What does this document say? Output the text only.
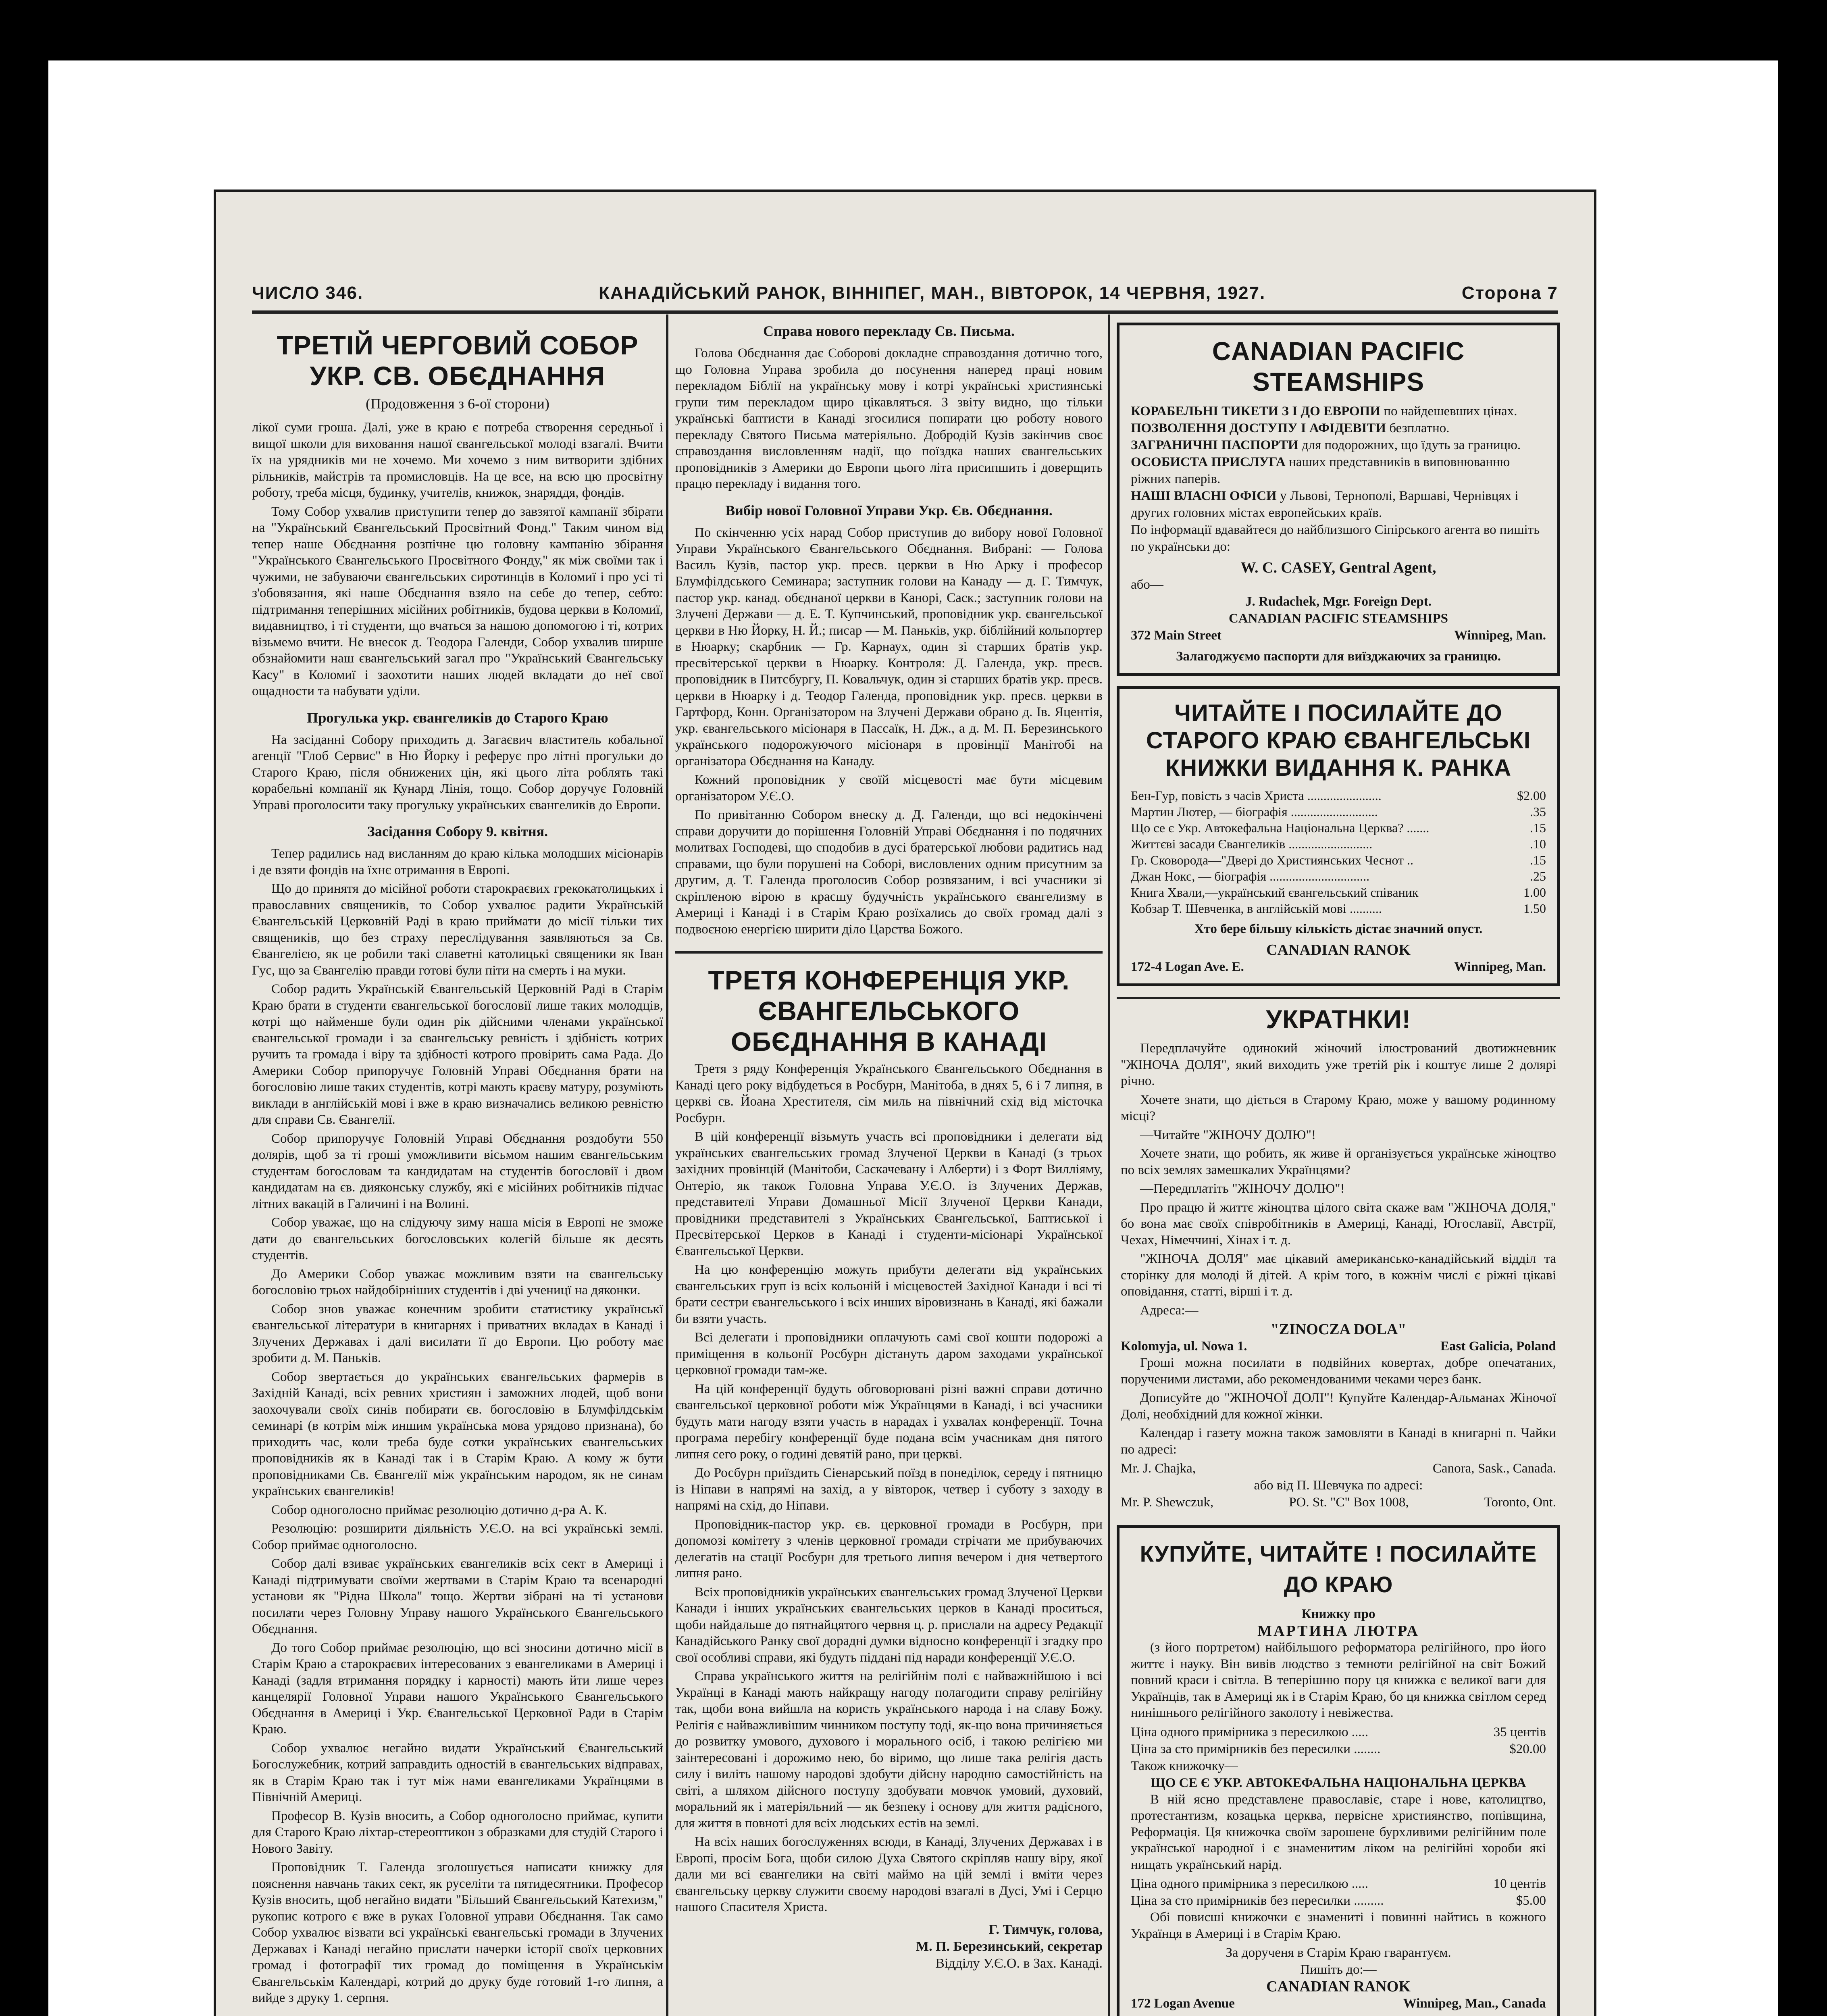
ЧИСЛО 346.	КАНАДІЙСЬКИЙ РАНОК, ВІННІПЕГ, МАН., ВІВТОРОК, 14 ЧЕРВНЯ, 1927.	Сторона 7
ТРЕТІЙ ЧЕРГОВИЙ СОБОР УКР. СВ. ОБЄДНАННЯ
(Продовження з 6-ої сторони)

лікої суми гроша. Далі, уже в краю є потреба створення середньої і вищої школи для виховання нашої євангельської молоді взагалі. Вчити їх на урядників ми не хочемо. Ми хочемо з ним витворити здібних рільників, майстрів та промисловців. На це все, на всю цю просвітну роботу, треба місця, будинку, учителів, книжок, знаряддя, фондів.

Тому Собор ухвалив приступити тепер до завзятої кампанії збірати на "Український Євангельський Просвітний Фонд." Таким чином від тепер наше Обєднання розпічне цю головну кампанію збірання "Українського Євангельського Просвітного Фонду," як між своїми так і чужими, не забуваючи євангельських сиротинців в Коломиї і про усі ті з'обовязання, які наше Обєднання взяло на себе до тепер, себто: підтримання теперішних місійних робітників, будова церкви в Коломиї, видавництво, і ті студенти, що вчаться за нашою допомогою і ті, котрих візьмемо вчити. Не внесок д. Теодора Галенди, Собор ухвалив ширше обзнайомити наш євангельський загал про "Український Євангельську Касу" в Коломиї і заохотити наших людей вкладати до неї свої ощадности та набувати уділи.

Прогулька укр. євангеликів до Старого Краю

На засіданні Собору приходить д. Загаєвич властитель кобальної агенції "Глоб Сервис" в Ню Йорку і реферує про літні прогульки до Старого Краю, після обнижених цін, які цього літа роблять такі корабельні компанії як Кунард Лінія, тощо. Собор доручує Головній Управі проголосити таку прогульку українських євангеликів до Европи.

Засідання Собору 9. квітня.

Тепер радились над висланням до краю кілька молодших місіонарів і де взяти фондів на їхнє отримання в Европі.

Що до принятя до місійної роботи старокраєвих грекокатолицьких і православних священиків, то Собор ухвалює радити Українській Євангельській Церковній Раді в краю приймати до місії тільки тих священиків, що без страху переслідування заявляються за Св. Євангелією, як це робили такі славетні католицькі священики як Іван Гус, що за Євангелію правди готові були піти на смерть і на муки.

Собор радить Українській Євангельській Церковній Раді в Старім Краю брати в студенти євангельської богословії лише таких молодців, котрі що найменше були один рік дійсними членами української євангельської громади і за євангельську ревність і здібність котрих ручить та громада і віру та здібності котрого провірить сама Рада. До Америки Собор припоручує Головній Управі Обєднання брати на богословію лише таких студентів, котрі мають краєву матуру, розуміють виклади в англійській мові і вже в краю визначались великою ревністю для справи Св. Євангелії.

Собор припоручує Головній Управі Обєднання роздобути 550 долярів, щоб за ті гроші уможливити вісьмом нашим євангельським студентам богословам та кандидатам на студентів богословії і двом кандидатам на єв. дияконську службу, які є місійних робітників підчас літних вакацій в Галичині і на Волині.

Собор уважає, що на слідуючу зиму наша місія в Европі не зможе дати до євангельських богословських колегій більше як десять студентів.

До Америки Собор уважає можливим взяти на євангельську богословію трьох найдобірніших студентів і дві ученицї на дяконки.

Собор знов уважає конечним зробити статистику українськї євангельської літератури в книгарнях і приватних вкладах в Канаді і Злучених Державах і далі висилати її до Европи. Цю роботу має зробити д. М. Паньків.

Собор звертається до українських євангельських фармерів в Західній Канаді, всіх ревних християн і заможних людей, щоб вони заохочували своїх синів побирати єв. богословію в Блумфілдськім семинарі (в котрім між иншим українська мова урядово признана), бо приходить час, коли треба буде сотки українських євангельських проповідників як в Канаді так і в Старім Краю. А кому ж бути проповідниками Св. Євангелії між українським народом, як не синам українських євангеликів!

Собор одноголосно приймає резолюцію дотично д-ра А. К.

Резолюцію: розширити діяльність У.Є.О. на всі українські землі. Собор приймає одноголосно.

Собор далі взиває українських євангеликів всіх сект в Америці і Канаді підтримувати своїми жертвами в Старім Краю та всенародні установи як "Рідна Школа" тощо. Жертви зібрані на ті установи посилати через Головну Управу нашого Українського Євангельського Обєднання.

До того Собор приймає резолюцію, що всі зносини дотично місії в Старім Краю а старокраєвих інтересованих з евангеликами в Америці і Канаді (задля втримання порядку і карності) мають йти лише через канцелярії Головної Управи нашого Українського Євангельського Обєднання в Америці і Укр. Євангельської Церковної Ради в Старім Краю.

Собор ухвалює негайно видати Український Євангельський Богослужебник, котрий заправдить одностій в євангельських відправах, як в Старім Краю так і тут між нами евангеликами Українцями в Північній Америці.

Професор В. Кузів вносить, а Собор одноголосно приймає, купити для Старого Краю ліхтар-стереоптикон з образками для студій Старого і Нового Завіту.

Проповідник Т. Галенда зголошується написати книжку для пояснення навчань таких сект, як руселіти та пятидесятники. Професор Кузів вносить, щоб негайно видати "Більший Євангельський Катехизм," рукопис котрого є вже в руках Головної управи Обєднання. Так само Собор ухвалює візвати всі українські євангельські громади в Злучених Державах і Канаді негайно прислати начерки історії своїх церковних громад і фотографії тих громад до поміщення в Українськім Євангельськім Календарі, котрий до друку буде готовий 1-го липня, а вийде з друку 1. серпня.

Справа нового перекладу Св. Письма.

Голова Обєднання дає Соборові докладне справоздання дотично того, що Головна Управа зробила до посунення наперед праці новим перекладом Біблії на українську мову і котрі українські християнські групи тим перекладом щиро цікавляться. З звіту видно, що тільки українські баптисти в Канаді згосилися попирати цю роботу нового перекладу Святого Письма матеріяльно. Добродій Кузів закінчив своє справоздання висловленням надії, що поїздка наших євангельських проповідників з Америки до Европи цього літа присипшить і доверщить працю перекладу і видання того.

Вибір нової Головної Управи Укр. Єв. Обєднання.

По скінченню усіх нарад Собор приступив до вибору нової Головної Управи Українського Євангельського Обєднання. Вибрані: — Голова Василь Кузів, пастор укр. пресв. церкви в Ню Арку і професор Блумфілдського Семинара; заступник голови на Канаду — д. Г. Тимчук, пастор укр. канад. обєднаної церкви в Канорі, Саск.; заступник голови на Злучені Держави — д. Е. Т. Купчинський, проповідник укр. євангельської церкви в Ню Йорку, Н. Й.; писар — М. Паньків, укр. біблійний кольпортер в Нюарку; скарбник — Гр. Карнаух, один зі старших братів укр. пресвітерської церкви в Нюарку. Контроля: Д. Галенда, укр. пресв. проповідник в Питсбургу, П. Ковальчук, один зі старших братів укр. пресв. церкви в Нюарку і д. Теодор Галенда, проповідник укр. пресв. церкви в Гартфорд, Конн. Організатором на Злучені Держави обрано д. Ів. Яцентія, укр. євангельського місіонаря в Пассаїк, Н. Дж., а д. М. П. Березинського українського подорожуючого місіонаря в провінції Манітобі на організатора Обєднання на Канаду.

Кожний проповідник у своїй місцевості має бути місцевим організатором У.Є.О.

По привітанню Собором внеску д. Д. Галенди, що всі недокінчені справи доручити до порішення Головній Управі Обєднання і по подячних молитвах Господеві, що сподобив в дусі братерської любови радитись над справами, що були порушені на Соборі, висловлених одним присутним за другим, д. Т. Галенда проголосив Собор розвязаним, і всі учасники зі скріпленою вірою в красшу будучність українського євангелизму в Америці і Канаді і в Старім Краю розїхались до своїх громад далі з подвоєною енергією ширити діло Царства Божого.

ТРЕТЯ КОНФЕРЕНЦІЯ УКР. ЄВАНГЕЛЬСЬКОГО ОБЄДНАННЯ В КАНАДІ

Третя з ряду Конференція Українського Євангельського Обєднання в Канаді цего року відбудеться в Росбурн, Манітоба, в днях 5, 6 і 7 липня, в церкві св. Йоана Хрестителя, сім миль на північний схід від місточка Росбурн.

В цій конференції візьмуть участь всі проповідники і делегати від українських євангельських громад Злученої Церкви в Канаді (з трьох західних провінцій (Манітоби, Саскачевану і Алберти) і з Форт Вилліяму, Онтеріо, як також Головна Управа У.Є.О. із Злучених Держав, представителі Управи Домашньої Місії Злученої Церкви Канади, провідники представителі з Українських Євангельської, Баптиської і Пресвітерської Церков в Канаді і студенти-місіонарі Української Євангельської Церкви.

На цю конференцію можуть прибути делегати від українських євангельських груп із всіх кольоній і місцевостей Західної Канади і всі ті брати сестри євангельського і всіх инших віровизнань в Канаді, які бажали би взяти участь.

Всі делегати і проповідники оплачують самі свої кошти подорожі а приміщення в кольонії Росбурн дістануть даром заходами української церковної громади там-же.

На цій конференції будуть обговорювані різні важні справи дотично євангельської церковної роботи між Українцями в Канаді, і всі учасники будуть мати нагоду взяти участь в нарадах і ухвалах конференції. Точна програма перебігу конференції буде подана всім учасникам дня пятого липня сего року, о годині девятій рано, при церкві.

До Росбурн приїздить Сіенарський поїзд в понеділок, середу і пятницю із Ніпави в напрямі на захід, а у вівторок, четвер і суботу з заходу в напрямі на схід, до Ніпави.

Проповідник-пастор укр. єв. церковної громади в Росбурн, при допомозі комітету з членів церковної громади стрічати ме прибуваючих делегатів на стації Росбурн для третього липня вечером і дня четвертого липня рано.

Всіх проповідників українських євангельських громад Злученої Церкви Канади і інших українських євангельських церков в Канаді проситься, щоби найдальше до пятнайцятого червня ц. р. прислали на адресу Редакції Канадійського Ранку свої дорадні думки відносно конференції і згадку про свої особливі справи, які будуть піддані під наради конференції У.Є.О.

Справа українського життя на релігійнім полі є найважнійшою і всі Українці в Канаді мають найкращу нагоду полагодити справу релігійну так, щоби вона вийшла на користь українського народа і на славу Божу. Релігія є найважливішим чинником поступу тоді, як-що вона причиняється до розвитку умового, духового і морального осіб, і такою релігією ми заінтересовані і дорожимо нею, бо віримо, що лише така релігія дасть силу і виліть нашому народові здобути дійсну народню самостійність на світі, а шляхом дійсного поступу здобувати мовчок умовий, духовий, моральний як і матеріяльний — як безпеку і основу для життя радісного, для життя в повноті для всіх людських естів на землі.

На всіх наших богослуженнях всюди, в Канаді, Злучених Державах і в Европі, просім Бога, щоби силою Духа Святого скріпляв нашу віру, якої дали ми всі євангелики на світі маймо на цій землі і вміти через євангельську церкву служити своєму народові взагалі в Дусі, Умі і Серцю нашого Спасителя Христа.

Г. Тимчук, голова,
М. П. Березинський, секретар
Відділу У.Є.О. в Зах. Канаді.
CANADIAN PACIFIC STEAMSHIPS
КОРАБЕЛЬНІ ТИКЕТИ З І ДО ЕВРОПИ по найдешевших цінах.
ПОЗВОЛЕННЯ ДОСТУПУ І АФІДЕВІТИ безплатно.
ЗАГРАНИЧНІ ПАСПОРТИ для подорожних, що їдуть за границю.
ОСОБИСТА ПРИСЛУГА наших представників в виповнюванню ріжних паперів.
НАШІ ВЛАСНІ ОФІСИ у Львові, Тернополі, Варшаві, Чернівцях і других головних містах европейських країв.
По інформації вдавайтеся до найблизшого Сіпірського агента во пишіть по українськи до:
W. C. CASEY, Gentral Agent,
або—
J. Rudachek, Mgr. Foreign Dept.
CANADIAN PACIFIC STEAMSHIPS
372 Main Street	Winnipeg, Man.
Залагоджуємо паспорти для виїзджаючих за границю.
ЧИТАЙТЕ І ПОСИЛАЙТЕ ДО СТАРОГО КРАЮ ЄВАНГЕЛЬСЬКІ КНИЖКИ ВИДАННЯ К. РАНКА
Бен-Гур, повість з часів Христа .......................	$2.00
Мартин Лютер, — біографія ...........................	.35
Що се є Укр. Автокефальна Національна Церква? .......	.15
Життєві засади Євангеликів ..........................	.10
Гр. Сковорода—"Двері до Християнських Чеснот ..	.15
Джан Нокс, — біографія ...............................	.25
Книга Хвали,—український євангельський співаник	1.00
Кобзар Т. Шевченка, в англійській мові ..........	1.50
Хто бере більшу кількість дістає значний опуст.
CANADIAN RANOK
172-4 Logan Ave. E.	Winnipeg, Man.
УКРАТНКИ!

Передплачуйте одинокий жіночий ілюстрований двотижневник "ЖІНОЧА ДОЛЯ", який виходить уже третій рік і коштує лише 2 долярі річно.

Хочете знати, що діється в Старому Краю, може у вашому родинному місці?

—Читайте "ЖІНОЧУ ДОЛЮ"!

Хочете знати, що робить, як живе й організується українське жіноцтво по всіх землях замешкалих Українцями?

—Передплатіть "ЖІНОЧУ ДОЛЮ"!

Про працю й життє жіноцтва цілого світа скаже вам "ЖІНОЧА ДОЛЯ," бо вона має своїх співробітників в Америці, Канаді, Югославії, Австрії, Чехах, Німеччині, Хінах і т. д.

"ЖІНОЧА ДОЛЯ" має цікавий американсько-канадійський відділ та сторінку для молоді й дітей. А крім того, в кожнім числі є ріжні цікаві оповідання, статті, вірші і т. д.

Адреса:—

"ZINOCZA DOLA"
Kolomyja, ul. Nowa 1.	East Galicia, Poland

Гроші можна посилати в подвійних ковертах, добре опечатаних, порученими листами, або рекомендованими чеками через банк.

Дописуйте до "ЖІНОЧОЇ ДОЛІ"! Купуйте Календар-Альманах Жіночої Долі, необхідний для кожної жінки.

Календар і газету можна також замовляти в Канаді в книгарні п. Чайки по адресі:

Mr. J. Chajka,	Canora, Sask., Canada.
або від П. Шевчука по адресі:
Mr. P. Shewczuk,	PO. St. "C" Box 1008,	Toronto, Ont.
КУПУЙТЕ, ЧИТАЙТЕ ! ПОСИЛАЙТЕ ДО КРАЮ
Книжку про
МАРТИНА ЛЮТРА

(з його портретом) найбільшого реформатора релігійного, про його життє і науку. Він вивів людство з темноти релігійної на світ Божий повний краси і світла. В теперішню пору ця книжка є великої ваги для Українців, так в Америці як і в Старім Краю, бо ця книжка світлом серед нинішнього релігійного заколоту і невіжества.

Ціна одного примірника з пересилкою .....	35 центів
Ціна за сто примірників без пересилки ........	$20.00
Також книжочку—
ЩО СЕ Є УКР. АВТОКЕФАЛЬНА НАЦІОНАЛЬНА ЦЕРКВА

В ній ясно представлене православіє, старе і нове, католицтво, протестантизм, козацька церква, первісне християнство, попівщина, Реформація. Ця книжочка своїм зарошене бурхливими релігійним поле української народної і є знаменитим ліком на релігійні хороби які нищать український нарід.

Ціна одного примірника з пересилкою .....	10 центів
Ціна за сто примірників без пересилки .........	$5.00

Обі повисші книжочки є знамениті і повинні найтись в кожного Українця в Америці і в Старім Краю.

За дорученя в Старім Краю гварантуєм.
Пишіть до:—
CANADIAN RANOK
172 Logan Avenue	Winnipeg, Man., Canada
